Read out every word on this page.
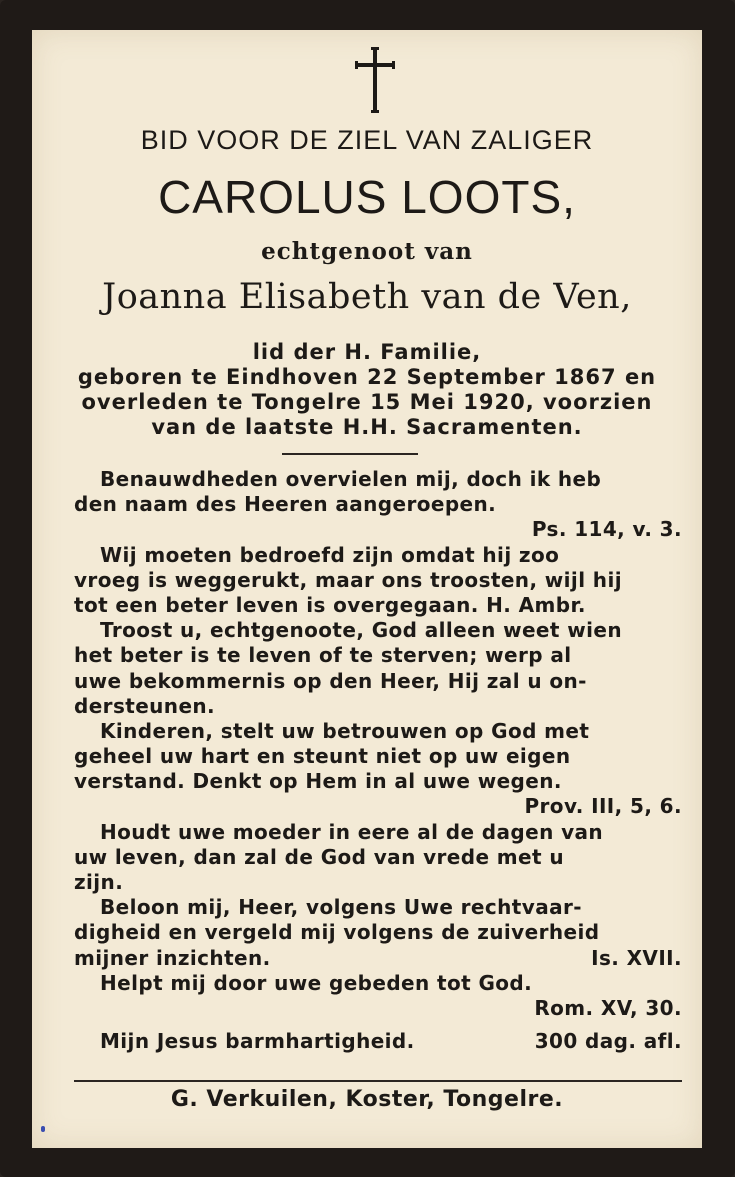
BID VOOR DE ZIEL VAN ZALIGER
CAROLUS LOOTS,
echtgenoot van
Joanna Elisabeth van de Ven,
lid der H. Familie,
geboren te Eindhoven 22 September 1867 en
overleden te Tongelre 15 Mei 1920, voorzien
van de laatste H.H. Sacramenten.
Benauwdheden overvielen mij, doch ik heb
den naam des Heeren aangeroepen.
Ps. 114, v. 3.
Wij moeten bedroefd zijn omdat hij zoo
vroeg is weggerukt, maar ons troosten, wijl hij
tot een beter leven is overgegaan. H. Ambr.
Troost u, echtgenoote, God alleen weet wien
het beter is te leven of te sterven; werp al
uwe bekommernis op den Heer, Hij zal u on-
dersteunen.
Kinderen, stelt uw betrouwen op God met
geheel uw hart en steunt niet op uw eigen
verstand. Denkt op Hem in al uwe wegen.
Prov. III, 5, 6.
Houdt uwe moeder in eere al de dagen van
uw leven, dan zal de God van vrede met u
zijn.
Beloon mij, Heer, volgens Uwe rechtvaar-
digheid en vergeld mij volgens de zuiverheid
mijner inzichten.	Is. XVII.
Helpt mij door uwe gebeden tot God.
Rom. XV, 30.
Mijn Jesus barmhartigheid.	300 dag. afl.
G. Verkuilen, Koster, Tongelre.
